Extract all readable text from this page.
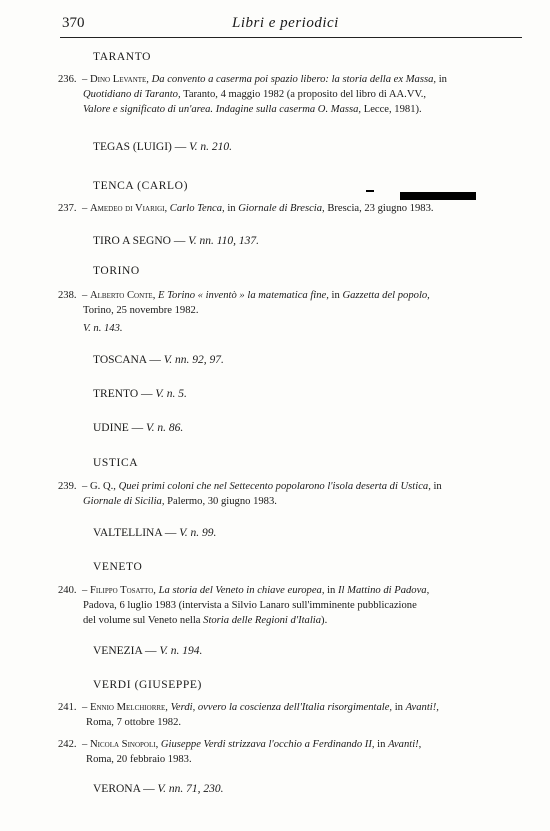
370	Libri e periodici
TARANTO
236. – Dino Levante, Da convento a caserma poi spazio libero: la storia della ex Massa, in
Quotidiano di Taranto, Taranto, 4 maggio 1982 (a proposito del libro di AA.VV.,
Valore e significato di un'area. Indagine sulla caserma O. Massa, Lecce, 1981).
TEGAS (LUIGI) — V. n. 210.
TENCA (CARLO)
237. – Amedeo di Viarigi, Carlo Tenca, in Giornale di Brescia, Brescia, 23 giugno 1983.
TIRO A SEGNO — V. nn. 110, 137.
TORINO
238. – Alberto Conte, E Torino « inventò » la matematica fine, in Gazzetta del popolo,
Torino, 25 novembre 1982.
V. n. 143.
TOSCANA — V. nn. 92, 97.
TRENTO — V. n. 5.
UDINE — V. n. 86.
USTICA
239. – G. Q., Quei primi coloni che nel Settecento popolarono l'isola deserta di Ustica, in
Giornale di Sicilia, Palermo, 30 giugno 1983.
VALTELLINA — V. n. 99.
VENETO
240. – Filippo Tosatto, La storia del Veneto in chiave europea, in Il Mattino di Padova,
Padova, 6 luglio 1983 (intervista a Silvio Lanaro sull'imminente pubblicazione
del volume sul Veneto nella Storia delle Regioni d'Italia).
VENEZIA — V. n. 194.
VERDI (GIUSEPPE)
241. – Ennio Melchiorre, Verdi, ovvero la coscienza dell'Italia risorgimentale, in Avanti!,
Roma, 7 ottobre 1982.
242. – Nicola Sinopoli, Giuseppe Verdi strizzava l'occhio a Ferdinando II, in Avanti!,
Roma, 20 febbraio 1983.
VERONA — V. nn. 71, 230.
